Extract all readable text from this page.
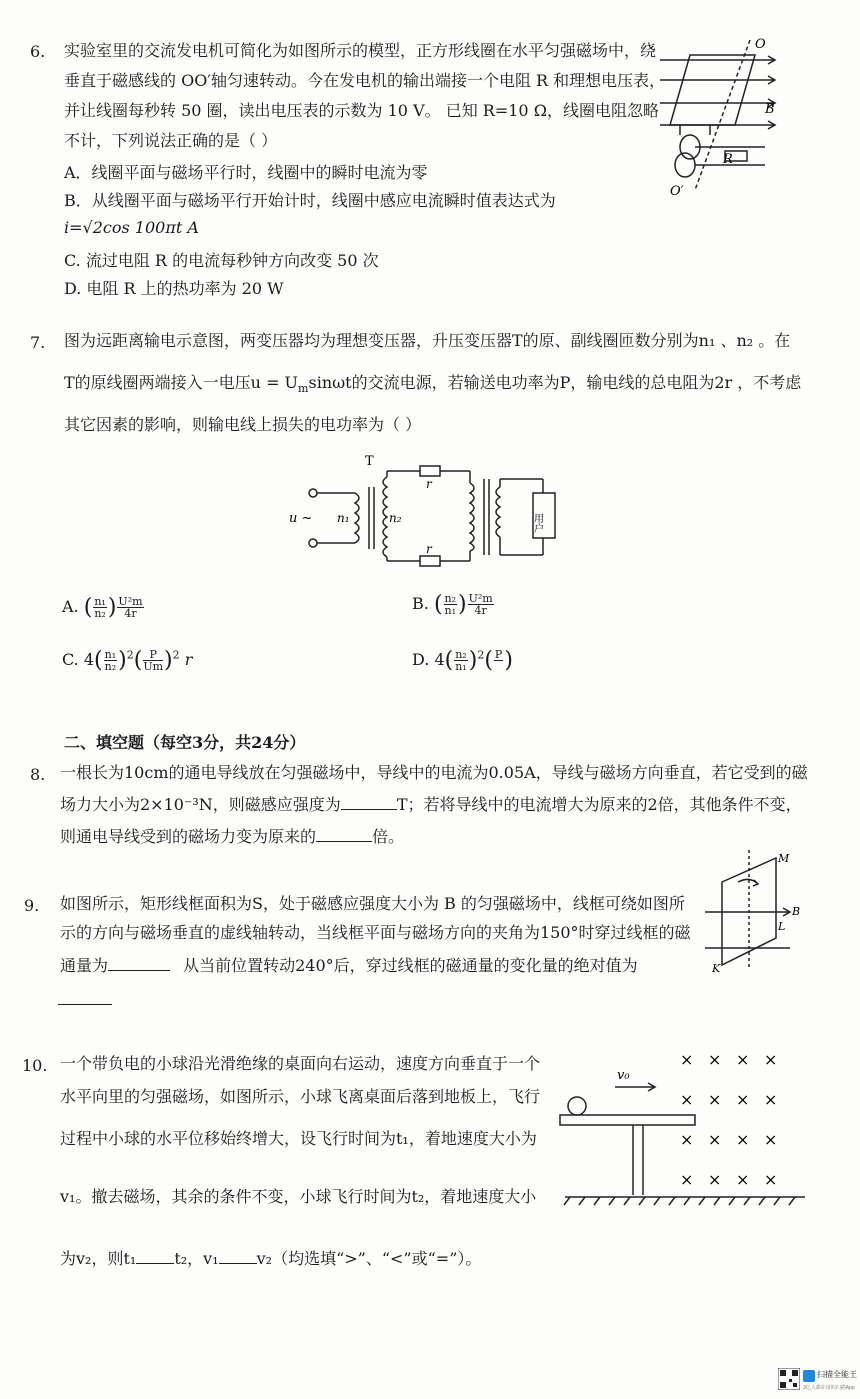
6. 实验室里的交流发电机可简化为如图所示的模型，正方形线圈在水平匀强磁场中，绕
垂直于磁感线的 OO′轴匀速转动。今在发电机的输出端接一个电阻 R 和理想电压表，
并让线圈每秒转 50 圈，读出电压表的示数为 10 V。 已知 R=10 Ω，线圈电阻忽略
不计，下列说法正确的是（ ）
A．线圈平面与磁场平行时，线圈中的瞬时电流为零
B．从线圈平面与磁场平行开始计时，线圈中感应电流瞬时值表达式为
i=√2cos 100πt A
C. 流过电阻 R 的电流每秒钟方向改变 50 次
D. 电阻 R 上的热功率为 20 W
O
B
R
O′
7. 图为远距离输电示意图，两变压器均为理想变压器，升压变压器T的原、副线圈匝数分别为n₁ 、n₂ 。在
T的原线圈两端接入一电压$u = U_m\sin\omega t$的交流电源，若输送电功率为P，输电线的总电阻为2r ，不考虑
其它因素的影响，则输电线上损失的电功率为（ ）
T
u ~ n₁	n₂
r
r
用户
A. ( $\frac{\text{n₁}}{\text{n₂}}$ ) $\frac{\text{U²m}}{4r}$	B. ( $\frac{\text{n₂}}{\text{n₁}}$ ) $\frac{\text{U²m}}{4r}$
C. $4( \frac{\text{n₁}}{\text{n₂}} )^2( \frac{P}{Um} )^2$ r	D. $4( \frac{\text{n₂}}{\text{n₁}} )^2$( P
)
二、填空题（每空3分，共24分）
8. 一根长为10cm的通电导线放在匀强磁场中，导线中的电流为0.05A，导线与磁场方向垂直，若它受到的磁
场力大小为2×10⁻³N，则磁感应强度为	T；若将导线中的电流增大为原来的2倍，其他条件不变，
则通电导线受到的磁场力变为原来的	倍。
9. 如图所示，矩形线框面积为S，处于磁感应强度大小为 B 的匀强磁场中，线框可绕如图所
示的方向与磁场垂直的虚线轴转动，当线框平面与磁场方向的夹角为150°时穿过线框的磁
通量为	从当前位置转动240°后，穿过线框的磁通量的变化量的绝对值为
M
B
L
K
10. 一个带负电的小球沿光滑绝缘的桌面向右运动，速度方向垂直于一个
水平向里的匀强磁场，如图所示，小球飞离桌面后落到地板上，飞行
过程中小球的水平位移始终增大，设飞行时间为t₁，着地速度大小为
v₁。撤去磁场，其余的条件不变，小球飞行时间为t₂，着地速度大小
为v₂，则t₁ t₂，v₁ v₂（均选填“>”、“<”或“=”）。
v₀
× × × ×
× × × ×
× × × ×
× × × ×
扫描全能王
3亿人都在用的扫描App
